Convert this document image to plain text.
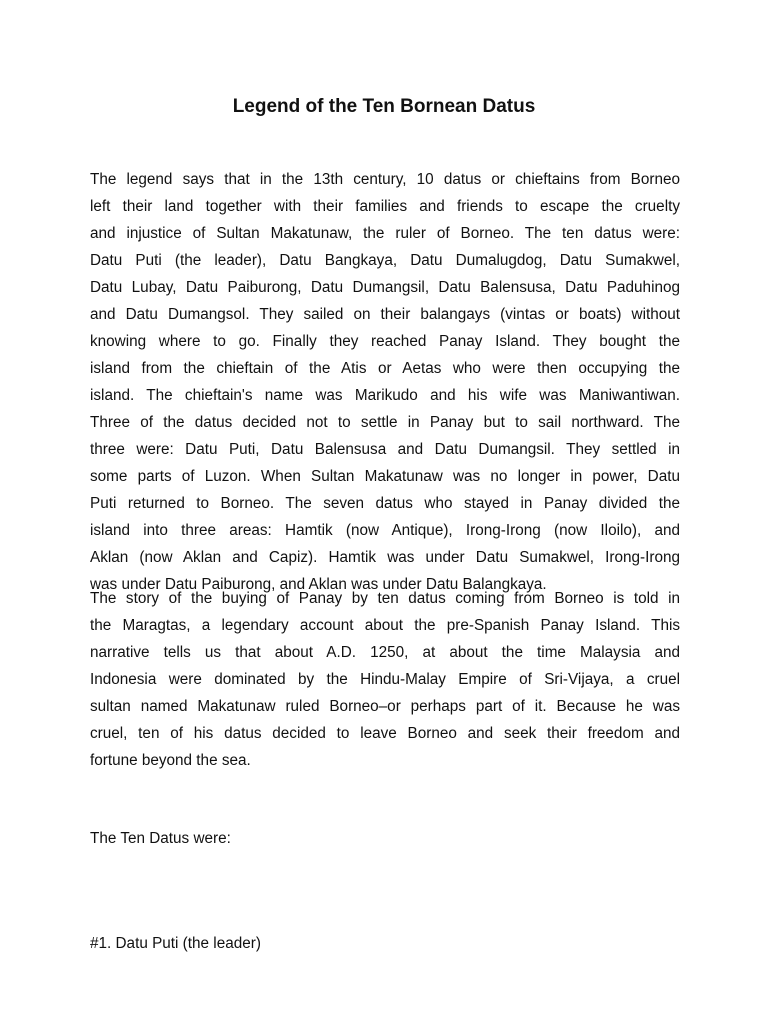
Legend of the Ten Bornean Datus
The legend says that in the 13th century, 10 datus or chieftains from Borneo
left their land together with their families and friends to escape the cruelty
and injustice of Sultan Makatunaw, the ruler of Borneo. The ten datus were:
Datu Puti (the leader), Datu Bangkaya, Datu Dumalugdog, Datu Sumakwel,
Datu Lubay, Datu Paiburong, Datu Dumangsil, Datu Balensusa, Datu Paduhinog
and Datu Dumangsol. They sailed on their balangays (vintas or boats) without
knowing where to go. Finally they reached Panay Island. They bought the
island from the chieftain of the Atis or Aetas who were then occupying the
island. The chieftain's name was Marikudo and his wife was Maniwantiwan.
Three of the datus decided not to settle in Panay but to sail northward. The
three were: Datu Puti, Datu Balensusa and Datu Dumangsil. They settled in
some parts of Luzon. When Sultan Makatunaw was no longer in power, Datu
Puti returned to Borneo. The seven datus who stayed in Panay divided the
island into three areas: Hamtik (now Antique), Irong-Irong (now Iloilo), and
Aklan (now Aklan and Capiz). Hamtik was under Datu Sumakwel, Irong-Irong
was under Datu Paiburong, and Aklan was under Datu Balangkaya.
The story of the buying of Panay by ten datus coming from Borneo is told in
the Maragtas, a legendary account about the pre-Spanish Panay Island. This
narrative tells us that about A.D. 1250, at about the time Malaysia and
Indonesia were dominated by the Hindu-Malay Empire of Sri-Vijaya, a cruel
sultan named Makatunaw ruled Borneo–or perhaps part of it. Because he was
cruel, ten of his datus decided to leave Borneo and seek their freedom and
fortune beyond the sea.
The Ten Datus were:
#1. Datu Puti (the leader)
